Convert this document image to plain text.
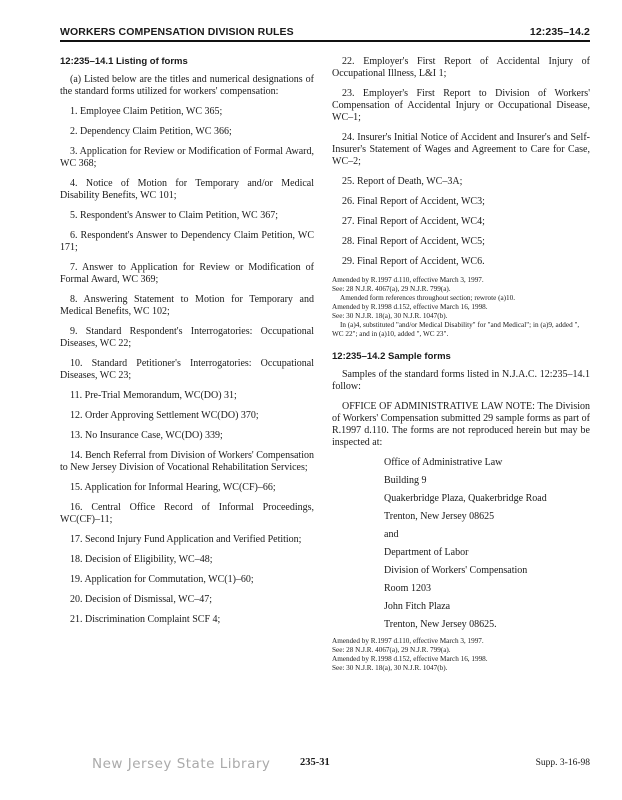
WORKERS COMPENSATION DIVISION RULES	12:235–14.2
12:235–14.1 Listing of forms

(a) Listed below are the titles and numerical designations of the standard forms utilized for workers' compensation:

1. Employee Claim Petition, WC 365;

2. Dependency Claim Petition, WC 366;

3. Application for Review or Modification of Formal Award, WC 368;

4. Notice of Motion for Temporary and/or Medical Disability Benefits, WC 101;

5. Respondent's Answer to Claim Petition, WC 367;

6. Respondent's Answer to Dependency Claim Petition, WC 171;

7. Answer to Application for Review or Modification of Formal Award, WC 369;

8. Answering Statement to Motion for Temporary and Medical Benefits, WC 102;

9. Standard Respondent's Interrogatories: Occupational Diseases, WC 22;

10. Standard Petitioner's Interrogatories: Occupational Diseases, WC 23;

11. Pre-Trial Memorandum, WC(DO) 31;

12. Order Approving Settlement WC(DO) 370;

13. No Insurance Case, WC(DO) 339;

14. Bench Referral from Division of Workers' Compensation to New Jersey Division of Vocational Rehabilitation Services;

15. Application for Informal Hearing, WC(CF)–66;

16. Central Office Record of Informal Proceedings, WC(CF)–11;

17. Second Injury Fund Application and Verified Petition;

18. Decision of Eligibility, WC–48;

19. Application for Commutation, WC(1)–60;

20. Decision of Dismissal, WC–47;

21. Discrimination Complaint SCF 4;

22. Employer's First Report of Accidental Injury of Occupational Illness, L&I 1;

23. Employer's First Report to Division of Workers' Compensation of Accidental Injury or Occupational Disease, WC–1;

24. Insurer's Initial Notice of Accident and Insurer's and Self-Insurer's Statement of Wages and Agreement to Care for Case, WC–2;

25. Report of Death, WC–3A;

26. Final Report of Accident, WC3;

27. Final Report of Accident, WC4;

28. Final Report of Accident, WC5;

29. Final Report of Accident, WC6.

Amended by R.1997 d.110, effective March 3, 1997.
See: 28 N.J.R. 4067(a), 29 N.J.R. 799(a).
Amended form references throughout section; rewrote (a)10.
Amended by R.1998 d.152, effective March 16, 1998.
See: 30 N.J.R. 18(a), 30 N.J.R. 1047(b).
In (a)4, substituted "and/or Medical Disability" for "and Medical"; in (a)9, added ", WC 22"; and in (a)10, added ", WC 23".
12:235–14.2 Sample forms

Samples of the standard forms listed in N.J.A.C. 12:235–14.1 follow:

OFFICE OF ADMINISTRATIVE LAW NOTE: The Division of Workers' Compensation submitted 29 sample forms as part of R.1997 d.110. The forms are not reproduced herein but may be inspected at:

Office of Administrative Law
Building 9
Quakerbridge Plaza, Quakerbridge Road
Trenton, New Jersey 08625
and
Department of Labor
Division of Workers' Compensation
Room 1203
John Fitch Plaza
Trenton, New Jersey 08625.
Amended by R.1997 d.110, effective March 3, 1997.
See: 28 N.J.R. 4067(a), 29 N.J.R. 799(a).
Amended by R.1998 d.152, effective March 16, 1998.
See: 30 N.J.R. 18(a), 30 N.J.R. 1047(b).
New Jersey State Library	235-31	Supp. 3-16-98
